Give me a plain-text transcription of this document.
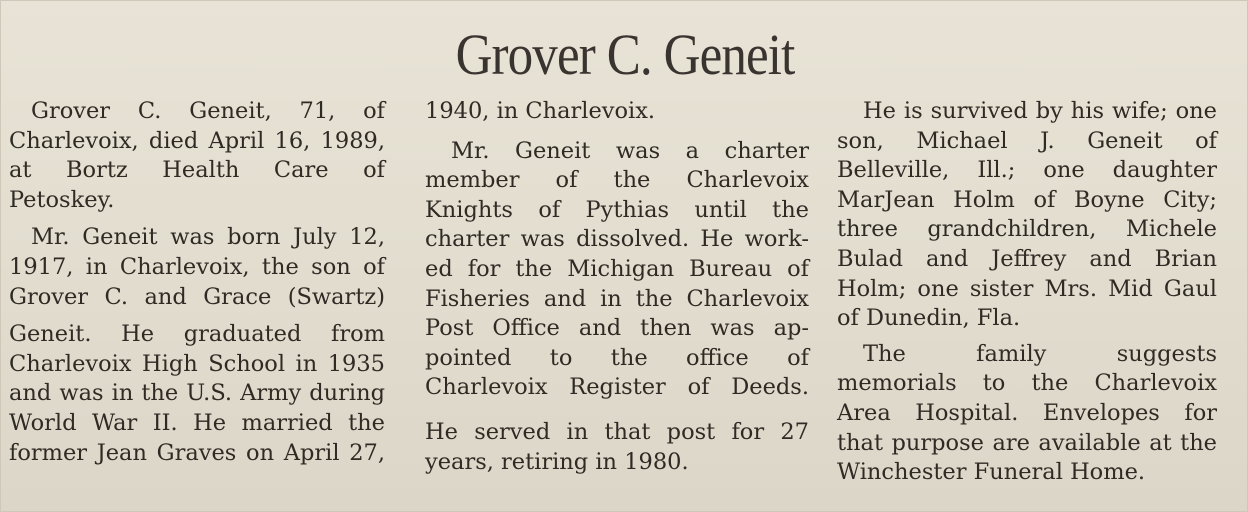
Grover C. Geneit

Grover C. Geneit, 71, of

Charlevoix, died April 16, 1989,

at Bortz Health Care of

Petoskey.

Mr. Geneit was born July 12,

1917, in Charlevoix, the son of

Grover C. and Grace (Swartz)

Geneit. He graduated from

Charlevoix High School in 1935

and was in the U.S. Army during

World War II. He married the

former Jean Graves on April 27,

1940, in Charlevoix.

Mr. Geneit was a charter

member of the Charlevoix

Knights of Pythias until the

charter was dissolved. He work-

ed for the Michigan Bureau of

Fisheries and in the Charlevoix

Post Office and then was ap-

pointed to the office of

Charlevoix Register of Deeds.

He served in that post for 27

years, retiring in 1980.

He is survived by his wife; one

son, Michael J. Geneit of

Belleville, Ill.; one daughter

MarJean Holm of Boyne City;

three grandchildren, Michele

Bulad and Jeffrey and Brian

Holm; one sister Mrs. Mid Gaul

of Dunedin, Fla.

The family suggests

memorials to the Charlevoix

Area Hospital. Envelopes for

that purpose are available at the

Winchester Funeral Home.
